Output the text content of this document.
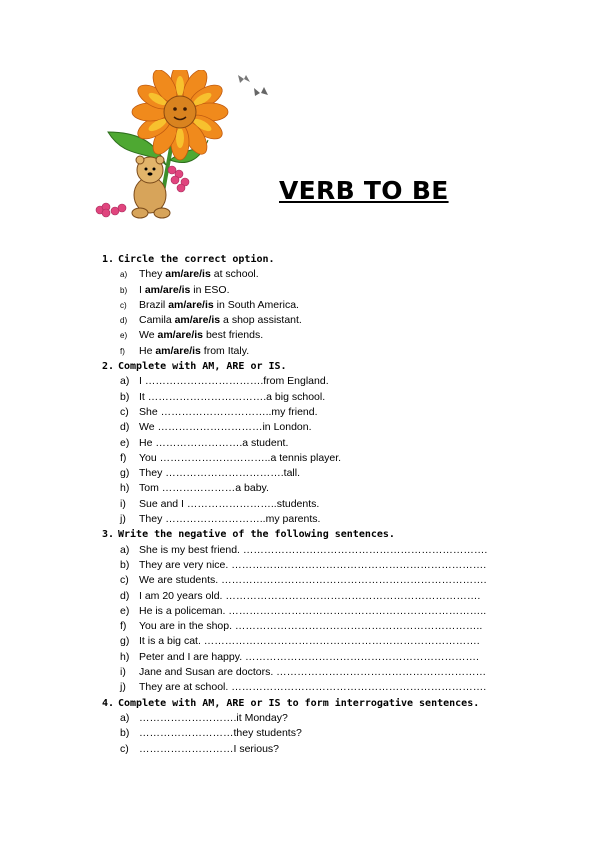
VERB TO BE
1. Circle the correct option.
a) They am/are/is at school.
b) I am/are/is in ESO.
c) Brazil am/are/is in South America.
d) Camila am/are/is a shop assistant.
e) We am/are/is best friends.
f) He am/are/is from Italy.
2. Complete with AM, ARE or IS.
a) I …………………………….from England.
b) It …………………………….a big school.
c) She …………………………..my friend.
d) We …………………………in London.
e) He …………………….a student.
f) You …………………………..a tennis player.
g) They …………………………….tall.
h) Tom …………………a baby.
i) Sue and I ……………………..students.
j) They ………………………..my parents.
3. Write the negative of the following sentences.
a) She is my best friend. …………………………………………………………….
b) They are very nice. ……………………………………………………………….
c) We are students. ………………………………………………………………….
d) I am 20 years old. ……………………………………………………………….
e) He is a policeman. ………………………………………………………………..
f) You are in the shop. ……………………………………………………………..
g) It is a big cat. …………………………………………………………………….
h) Peter and I are happy. ………………………………………………………….
i) Jane and Susan are doctors. ……………………………………………………
j) They are at school. ……………………………………………………………….
4. Complete with AM, ARE or IS to form interrogative sentences.
a) ……………………….it Monday?
b) ………………………they students?
c) ………………………I serious?
